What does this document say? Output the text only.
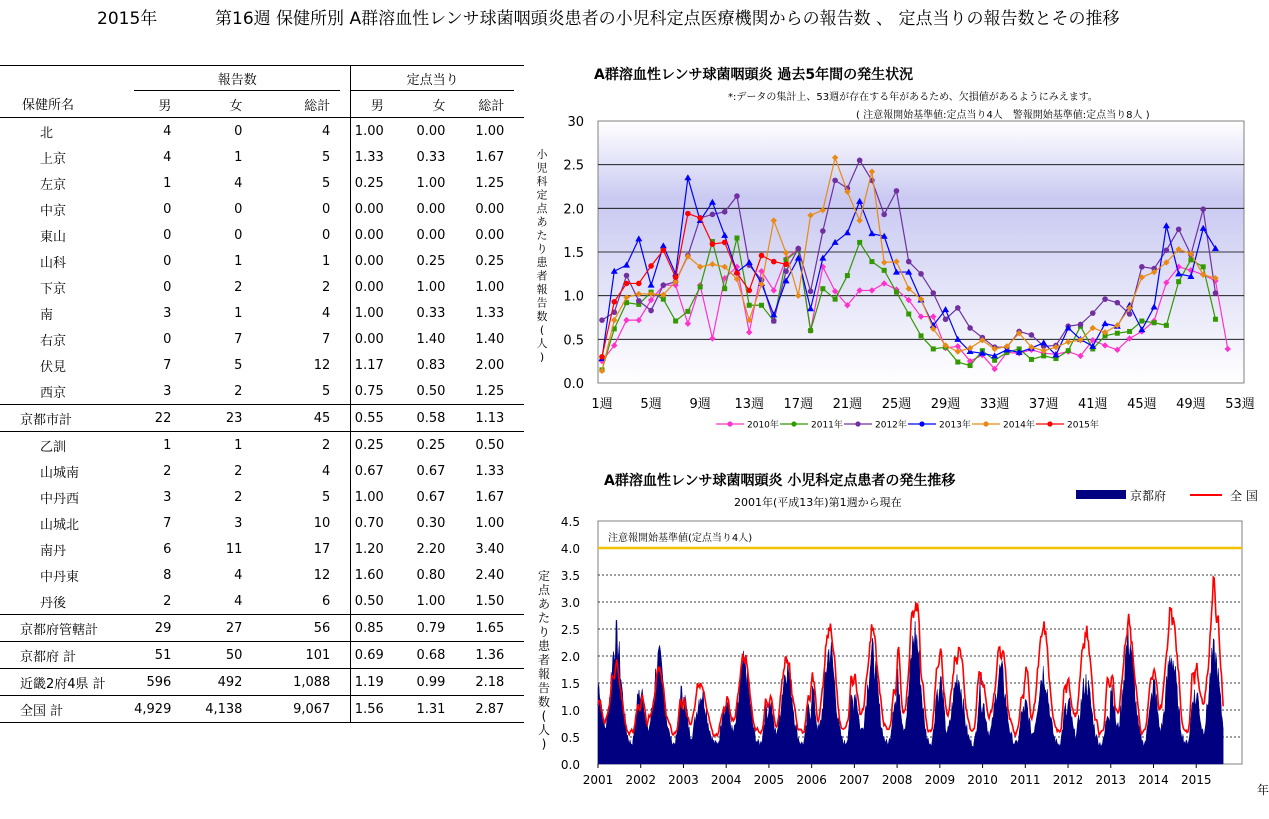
2015年	第16週 保健所別 A群溶血性レンサ球菌咽頭炎患者の小児科定点医療機関からの報告数 、 定点当りの報告数とその推移
	報告数				定点当り			
保健所名	男	女	総計		男	女	総計	
北	4	0	4		1.00	0.00	1.00	
上京	4	1	5		1.33	0.33	1.67	
左京	1	4	5		0.25	1.00	1.25	
中京	0	0	0		0.00	0.00	0.00	
東山	0	0	0		0.00	0.00	0.00	
山科	0	1	1		0.00	0.25	0.25	
下京	0	2	2		0.00	1.00	1.00	
南	3	1	4		1.00	0.33	1.33	
右京	0	7	7		0.00	1.40	1.40	
伏見	7	5	12		1.17	0.83	2.00	
西京	3	2	5		0.75	0.50	1.25	
京都市計	22	23	45		0.55	0.58	1.13	
乙訓	1	1	2		0.25	0.25	0.50	
山城南	2	2	4		0.67	0.67	1.33	
中丹西	3	2	5		1.00	0.67	1.67	
山城北	7	3	10		0.70	0.30	1.00	
南丹	6	11	17		1.20	2.20	3.40	
中丹東	8	4	12		1.60	0.80	2.40	
丹後	2	4	6		0.50	1.00	1.50	
京都府管轄計	29	27	56		0.85	0.79	1.65	
京都府 計	51	50	101		0.69	0.68	1.36	
近畿2府4県 計	596	492	1,088		1.19	0.99	2.18	
全国 計	4,929	4,138	9,067		1.56	1.31	2.87	
A群溶血性レンサ球菌咽頭炎 過去5年間の発生状況
*:データの集計上、53週が存在する年があるため、欠損値があるようにみえます。
( 注意報開始基準値:定点当り4人　警報開始基準値:定点当り8人 )
0.0
0.5
1.0
1.5
2.0
2.5
30
1週 5週 9週 13週 17週 21週 25週 29週 33週 37週 41週 45週 49週 53週
小
児
科
定
点
あ
た
り
患
者
報
告
数
(
人
)
2010年	2011年	2012年	2013年	2014年	2015年
A群溶血性レンサ球菌咽頭炎 小児科定点患者の発生推移
2001年(平成13年)第1週から現在
0.0
0.5
1.0
1.5
2.0
2.5
3.0
3.5
4.0
4.5
注意報開始基準値(定点当り4人)
2001 2002 2003 2004 2005 2006 2007 2008 2009 2010 2011 2012 2013 2014 2015
年
定
点
あ
た
り
患
者
報
告
数
(
人
)
京都府	全 国
